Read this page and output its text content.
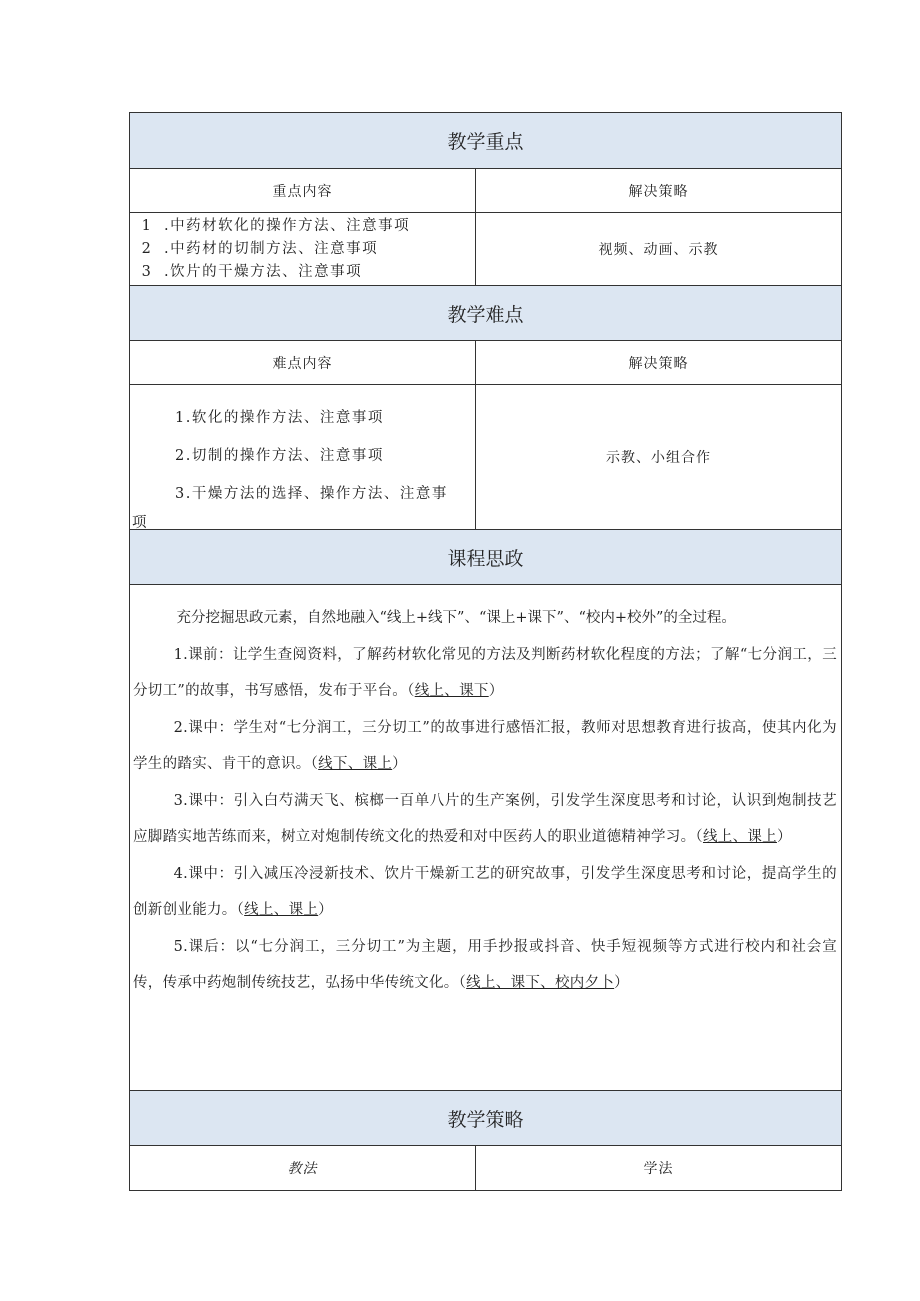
教学重点
重点内容	解决策略
1 .中药材软化的操作方法、注意事项
2 .中药材的切制方法、注意事项
3 .饮片的干燥方法、注意事项
视频、动画、示教
教学难点
难点内容	解决策略
1.软化的操作方法、注意事项
2.切制的操作方法、注意事项
3.干燥方法的选择、操作方法、注意事
项
示教、小组合作
课程思政

充分挖掘思政元素，自然地融入“线上+线下”、“课上+课下”、“校内+校外”的全过程。

1.课前：让学生查阅资料，了解药材软化常见的方法及判断药材软化程度的方法；了解“七分润工，三分切工”的故事，书写感悟，发布于平台。（线上、课下）

2.课中：学生对“七分润工，三分切工”的故事进行感悟汇报，教师对思想教育进行拔高，使其内化为学生的踏实、肯干的意识。（线下、课上）

3.课中：引入白芍满天飞、槟榔一百单八片的生产案例，引发学生深度思考和讨论，认识到炮制技艺应脚踏实地苦练而来，树立对炮制传统文化的热爱和对中医药人的职业道德精神学习。（线上、课上）

4.课中：引入减压冷浸新技术、饮片干燥新工艺的研究故事，引发学生深度思考和讨论，提高学生的创新创业能力。（线上、课上）

5.课后：以“七分润工，三分切工”为主题，用手抄报或抖音、快手短视频等方式进行校内和社会宣传，传承中药炮制传统技艺，弘扬中华传统文化。（线上、课下、校内夕卜）

教学策略
教法	学法
